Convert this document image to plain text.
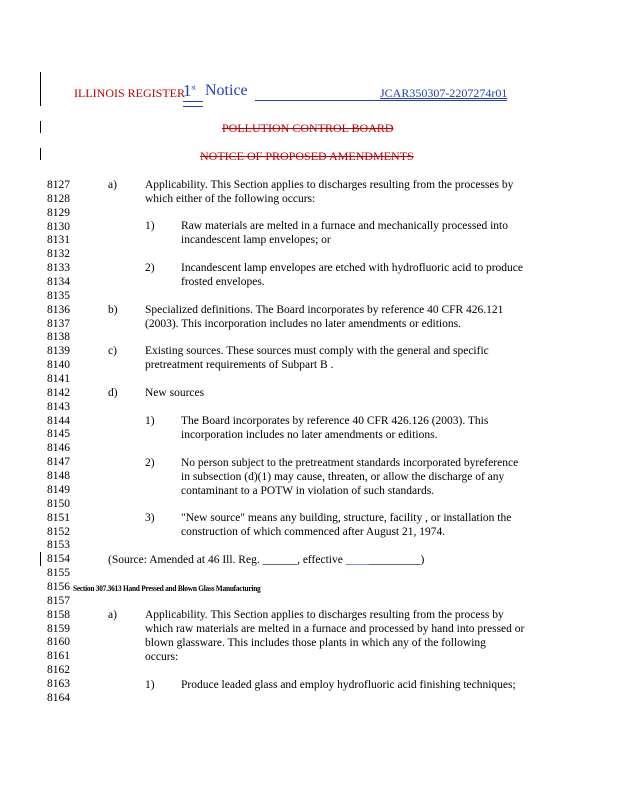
ILLINOIS REGISTER
1st Notice	JCAR350307-2207274r01
POLLUTION CONTROL BOARD
NOTICE OF PROPOSED AMENDMENTS
8127
8128
8129
8130
8131
8132
8133
8134
8135
8136
8137
8138
8139
8140
8141
8142
8143
8144
8145
8146
8147
8148
8149
8150
8151
8152
8153
8154
8155
8156
8157
8158
8159
8160
8161
8162
8163
8164
a) Applicability. This Section applies to discharges resulting from the processes by
which either of the following occurs:
1) Raw materials are melted in a furnace and mechanically processed into
incandescent lamp envelopes; or
2) Incandescent lamp envelopes are etched with hydrofluoric acid to produce
frosted envelopes.
b) Specialized definitions. The Board incorporates by reference 40 CFR 426.121
(2003). This incorporation includes no later amendments or editions.
c) Existing sources. These sources must comply with the general and specific
pretreatment requirements of Subpart B .
d) New sources
1) The Board incorporates by reference 40 CFR 426.126 (2003). This
incorporation includes no later amendments or editions.
2) No person subject to the pretreatment standards incorporated byreference
in subsection (d)(1) may cause, threaten, or allow the discharge of any
contaminant to a POTW in violation of such standards.
3) "New source" means any building, structure, facility , or installation the
construction of which commenced after August 21, 1974.
(Source: Amended at 46 Ill. Reg. ______, effective _____________)
Section 307.3613 Hand Pressed and Blown Glass Manufacturing
a) Applicability. This Section applies to discharges resulting from the process by
which raw materials are melted in a furnace and processed by hand into pressed or
blown glassware. This includes those plants in which any of the following
occurs:
1) Produce leaded glass and employ hydrofluoric acid finishing techniques;
